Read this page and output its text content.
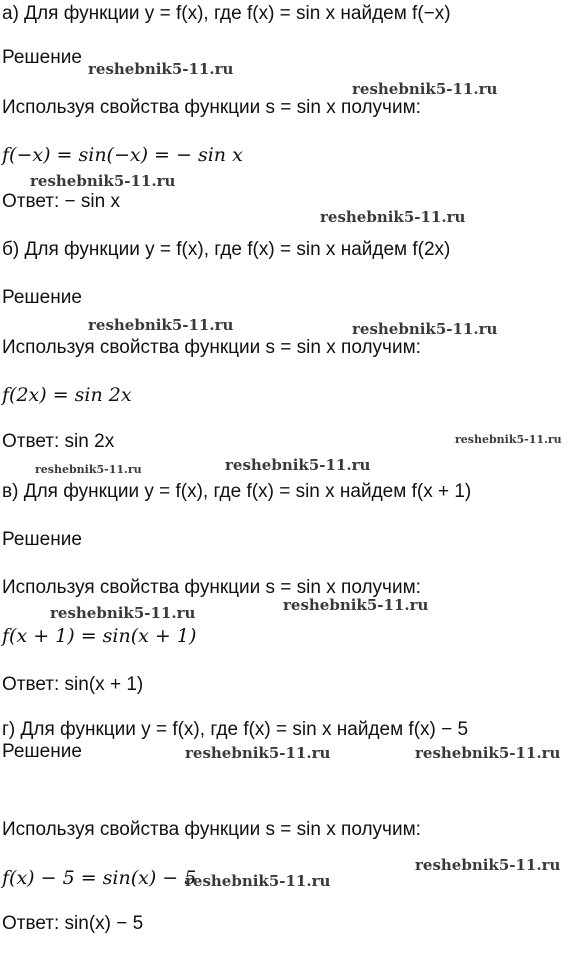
а) Для функции y = f(x), где f(x) = sin x найдем f(−x)
Решение
Используя свойства функции s = sin x получим:
f(−x) = sin(−x) = − sin x
Ответ: − sin x
б) Для функции y = f(x), где f(x) = sin x найдем f(2x)
Решение
Используя свойства функции s = sin x получим:
f(2x) = sin 2x
Ответ: sin 2x
в) Для функции y = f(x), где f(x) = sin x найдем f(x + 1)
Решение
Используя свойства функции s = sin x получим:
f(x + 1) = sin(x + 1)
Ответ: sin(x + 1)
г) Для функции y = f(x), где f(x) = sin x найдем f(x) − 5
Решение
Используя свойства функции s = sin x получим:
f(x) − 5 = sin(x) − 5
Ответ: sin(x) − 5
reshebnik5-11.ru
reshebnik5-11.ru
reshebnik5-11.ru
reshebnik5-11.ru
reshebnik5-11.ru	reshebnik5-11.ru
reshebnik5-11.ru
reshebnik5-11.ru	reshebnik5-11.ru
reshebnik5-11.ru
reshebnik5-11.ru
reshebnik5-11.ru	reshebnik5-11.ru
reshebnik5-11.ru
reshebnik5-11.ru
